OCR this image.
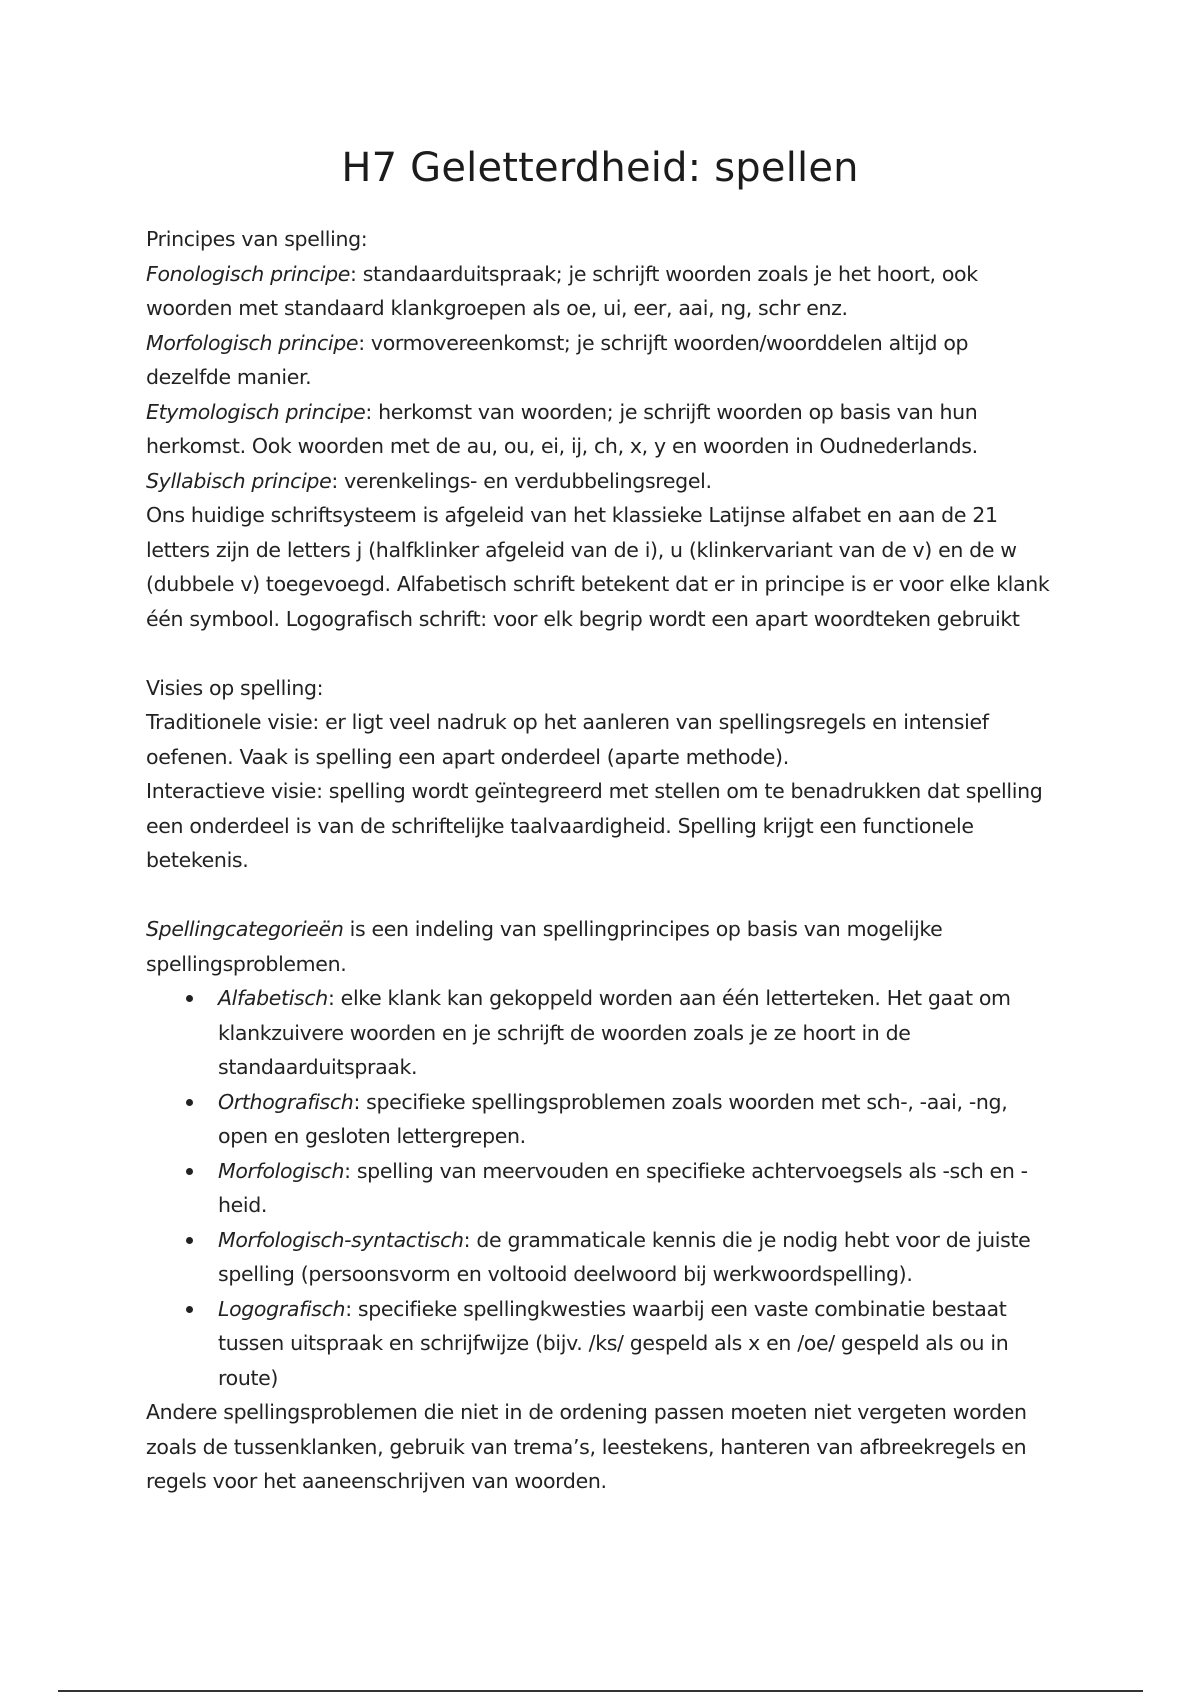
H7 Geletterdheid: spellen

Principes van spelling:

Fonologisch principe: standaarduitspraak; je schrijft woorden zoals je het hoort, ook woorden met standaard klankgroepen als oe, ui, eer, aai, ng, schr enz.

Morfologisch principe: vormovereenkomst; je schrijft woorden/woorddelen altijd op dezelfde manier.

Etymologisch principe: herkomst van woorden; je schrijft woorden op basis van hun herkomst. Ook woorden met de au, ou, ei, ij, ch, x, y en woorden in Oudnederlands.

Syllabisch principe: verenkelings- en verdubbelingsregel.

Ons huidige schriftsysteem is afgeleid van het klassieke Latijnse alfabet en aan de 21 letters zijn de letters j (halfklinker afgeleid van de i), u (klinkervariant van de v) en de w (dubbele v) toegevoegd. Alfabetisch schrift betekent dat er in principe is er voor elke klank één symbool. Logografisch schrift: voor elk begrip wordt een apart woordteken gebruikt

Visies op spelling:

Traditionele visie: er ligt veel nadruk op het aanleren van spellingsregels en intensief oefenen. Vaak is spelling een apart onderdeel (aparte methode).

Interactieve visie: spelling wordt geïntegreerd met stellen om te benadrukken dat spelling een onderdeel is van de schriftelijke taalvaardigheid. Spelling krijgt een functionele betekenis.

Spellingcategorieën is een indeling van spellingprincipes op basis van mogelijke spellingsproblemen.

Alfabetisch: elke klank kan gekoppeld worden aan één letterteken. Het gaat om klankzuivere woorden en je schrijft de woorden zoals je ze hoort in de standaarduitspraak.
Orthografisch: specifieke spellingsproblemen zoals woorden met sch-, -aai, -ng, open en gesloten lettergrepen.
Morfologisch: spelling van meervouden en specifieke achtervoegsels als -sch en -heid.
Morfologisch-syntactisch: de grammaticale kennis die je nodig hebt voor de juiste spelling (persoonsvorm en voltooid deelwoord bij werkwoordspelling).
Logografisch: specifieke spellingkwesties waarbij een vaste combinatie bestaat tussen uitspraak en schrijfwijze (bijv. /ks/ gespeld als x en /oe/ gespeld als ou in route)

Andere spellingsproblemen die niet in de ordening passen moeten niet vergeten worden zoals de tussenklanken, gebruik van trema’s, leestekens, hanteren van afbreekregels en regels voor het aaneenschrijven van woorden.
